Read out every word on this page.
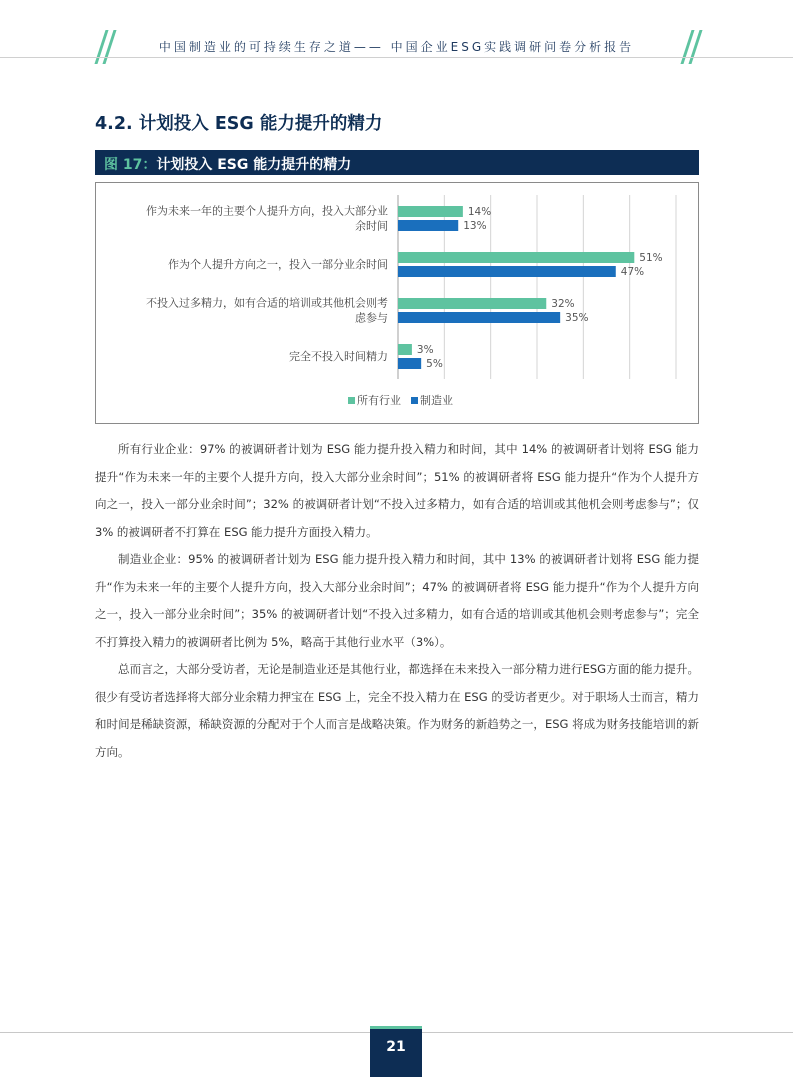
中国制造业的可持续生存之道—— 中国企业ESG实践调研问卷分析报告
4.2. 计划投入 ESG 能力提升的精力
图 17：计划投入 ESG 能力提升的精力
作为未来一年的主要个人提升方向，投入大部分业
余时间
14%
13%
作为个人提升方向之一，投入一部分业余时间	51%
47%
不投入过多精力，如有合适的培训或其他机会则考
虑参与
32%
35%
完全不投入时间精力	3%
5%
所有行业 制造业

所有行业企业：97% 的被调研者计划为 ESG 能力提升投入精力和时间，其中 14% 的被调研者计划将 ESG 能力提升“作为未来一年的主要个人提升方向，投入大部分业余时间”；51% 的被调研者将 ESG 能力提升“作为个人提升方向之一，投入一部分业余时间”；32% 的被调研者计划“不投入过多精力，如有合适的培训或其他机会则考虑参与”；仅 3% 的被调研者不打算在 ESG 能力提升方面投入精力。

制造业企业：95% 的被调研者计划为 ESG 能力提升投入精力和时间，其中 13% 的被调研者计划将 ESG 能力提升“作为未来一年的主要个人提升方向，投入大部分业余时间”；47% 的被调研者将 ESG 能力提升“作为个人提升方向之一，投入一部分业余时间”；35% 的被调研者计划“不投入过多精力，如有合适的培训或其他机会则考虑参与”；完全不打算投入精力的被调研者比例为 5%，略高于其他行业水平（3%）。

总而言之，大部分受访者，无论是制造业还是其他行业，都选择在未来投入一部分精力进行ESG方面的能力提升。很少有受访者选择将大部分业余精力押宝在 ESG 上，完全不投入精力在 ESG 的受访者更少。对于职场人士而言，精力和时间是稀缺资源，稀缺资源的分配对于个人而言是战略决策。作为财务的新趋势之一，ESG 将成为财务技能培训的新方向。

21
